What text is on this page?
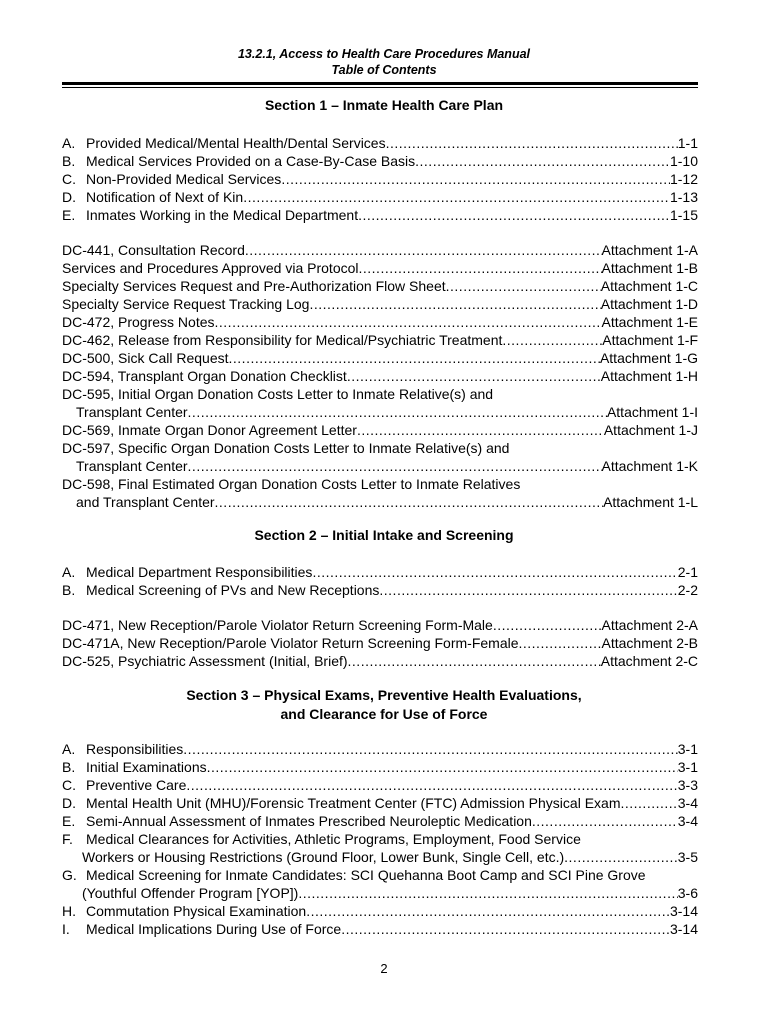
13.2.1, Access to Health Care Procedures Manual
Table of Contents
Section 1 – Inmate Health Care Plan
A. Provided Medical/Mental Health/Dental Services .....	1-1
B. Medical Services Provided on a Case-By-Case Basis .....	1-10
C. Non-Provided Medical Services .....	1-12
D. Notification of Next of Kin .....	1-13
E. Inmates Working in the Medical Department .....	1-15
DC-441, Consultation Record .....	Attachment 1-A
Services and Procedures Approved via Protocol .....	Attachment 1-B
Specialty Services Request and Pre-Authorization Flow Sheet .....	Attachment 1-C
Specialty Service Request Tracking Log .....	Attachment 1-D
DC-472, Progress Notes .....	Attachment 1-E
DC-462, Release from Responsibility for Medical/Psychiatric Treatment .....	Attachment 1-F
DC-500, Sick Call Request .....	Attachment 1-G
DC-594, Transplant Organ Donation Checklist .....	Attachment 1-H
DC-595, Initial Organ Donation Costs Letter to Inmate Relative(s) and
Transplant Center .....	Attachment 1-I
DC-569, Inmate Organ Donor Agreement Letter .....	Attachment 1-J
DC-597, Specific Organ Donation Costs Letter to Inmate Relative(s) and
Transplant Center .....	Attachment 1-K
DC-598, Final Estimated Organ Donation Costs Letter to Inmate Relatives
and Transplant Center .....	Attachment 1-L
Section 2 – Initial Intake and Screening
A. Medical Department Responsibilities .....	2-1
B. Medical Screening of PVs and New Receptions .....	2-2
DC-471, New Reception/Parole Violator Return Screening Form-Male .....	Attachment 2-A
DC-471A, New Reception/Parole Violator Return Screening Form-Female .....	Attachment 2-B
DC-525, Psychiatric Assessment (Initial, Brief) .....	Attachment 2-C
Section 3 – Physical Exams, Preventive Health Evaluations,
and Clearance for Use of Force
A. Responsibilities .....	3-1
B. Initial Examinations .....	3-1
C. Preventive Care .....	3-3
D. Mental Health Unit (MHU)/Forensic Treatment Center (FTC) Admission Physical Exam .....	3-4
E. Semi-Annual Assessment of Inmates Prescribed Neuroleptic Medication .....	3-4
F. Medical Clearances for Activities, Athletic Programs, Employment, Food Service
Workers or Housing Restrictions (Ground Floor, Lower Bunk, Single Cell, etc.) .....	3-5
G. Medical Screening for Inmate Candidates: SCI Quehanna Boot Camp and SCI Pine Grove
(Youthful Offender Program [YOP]) .....	3-6
H. Commutation Physical Examination .....	3-14
I. Medical Implications During Use of Force .....	3-14
2
